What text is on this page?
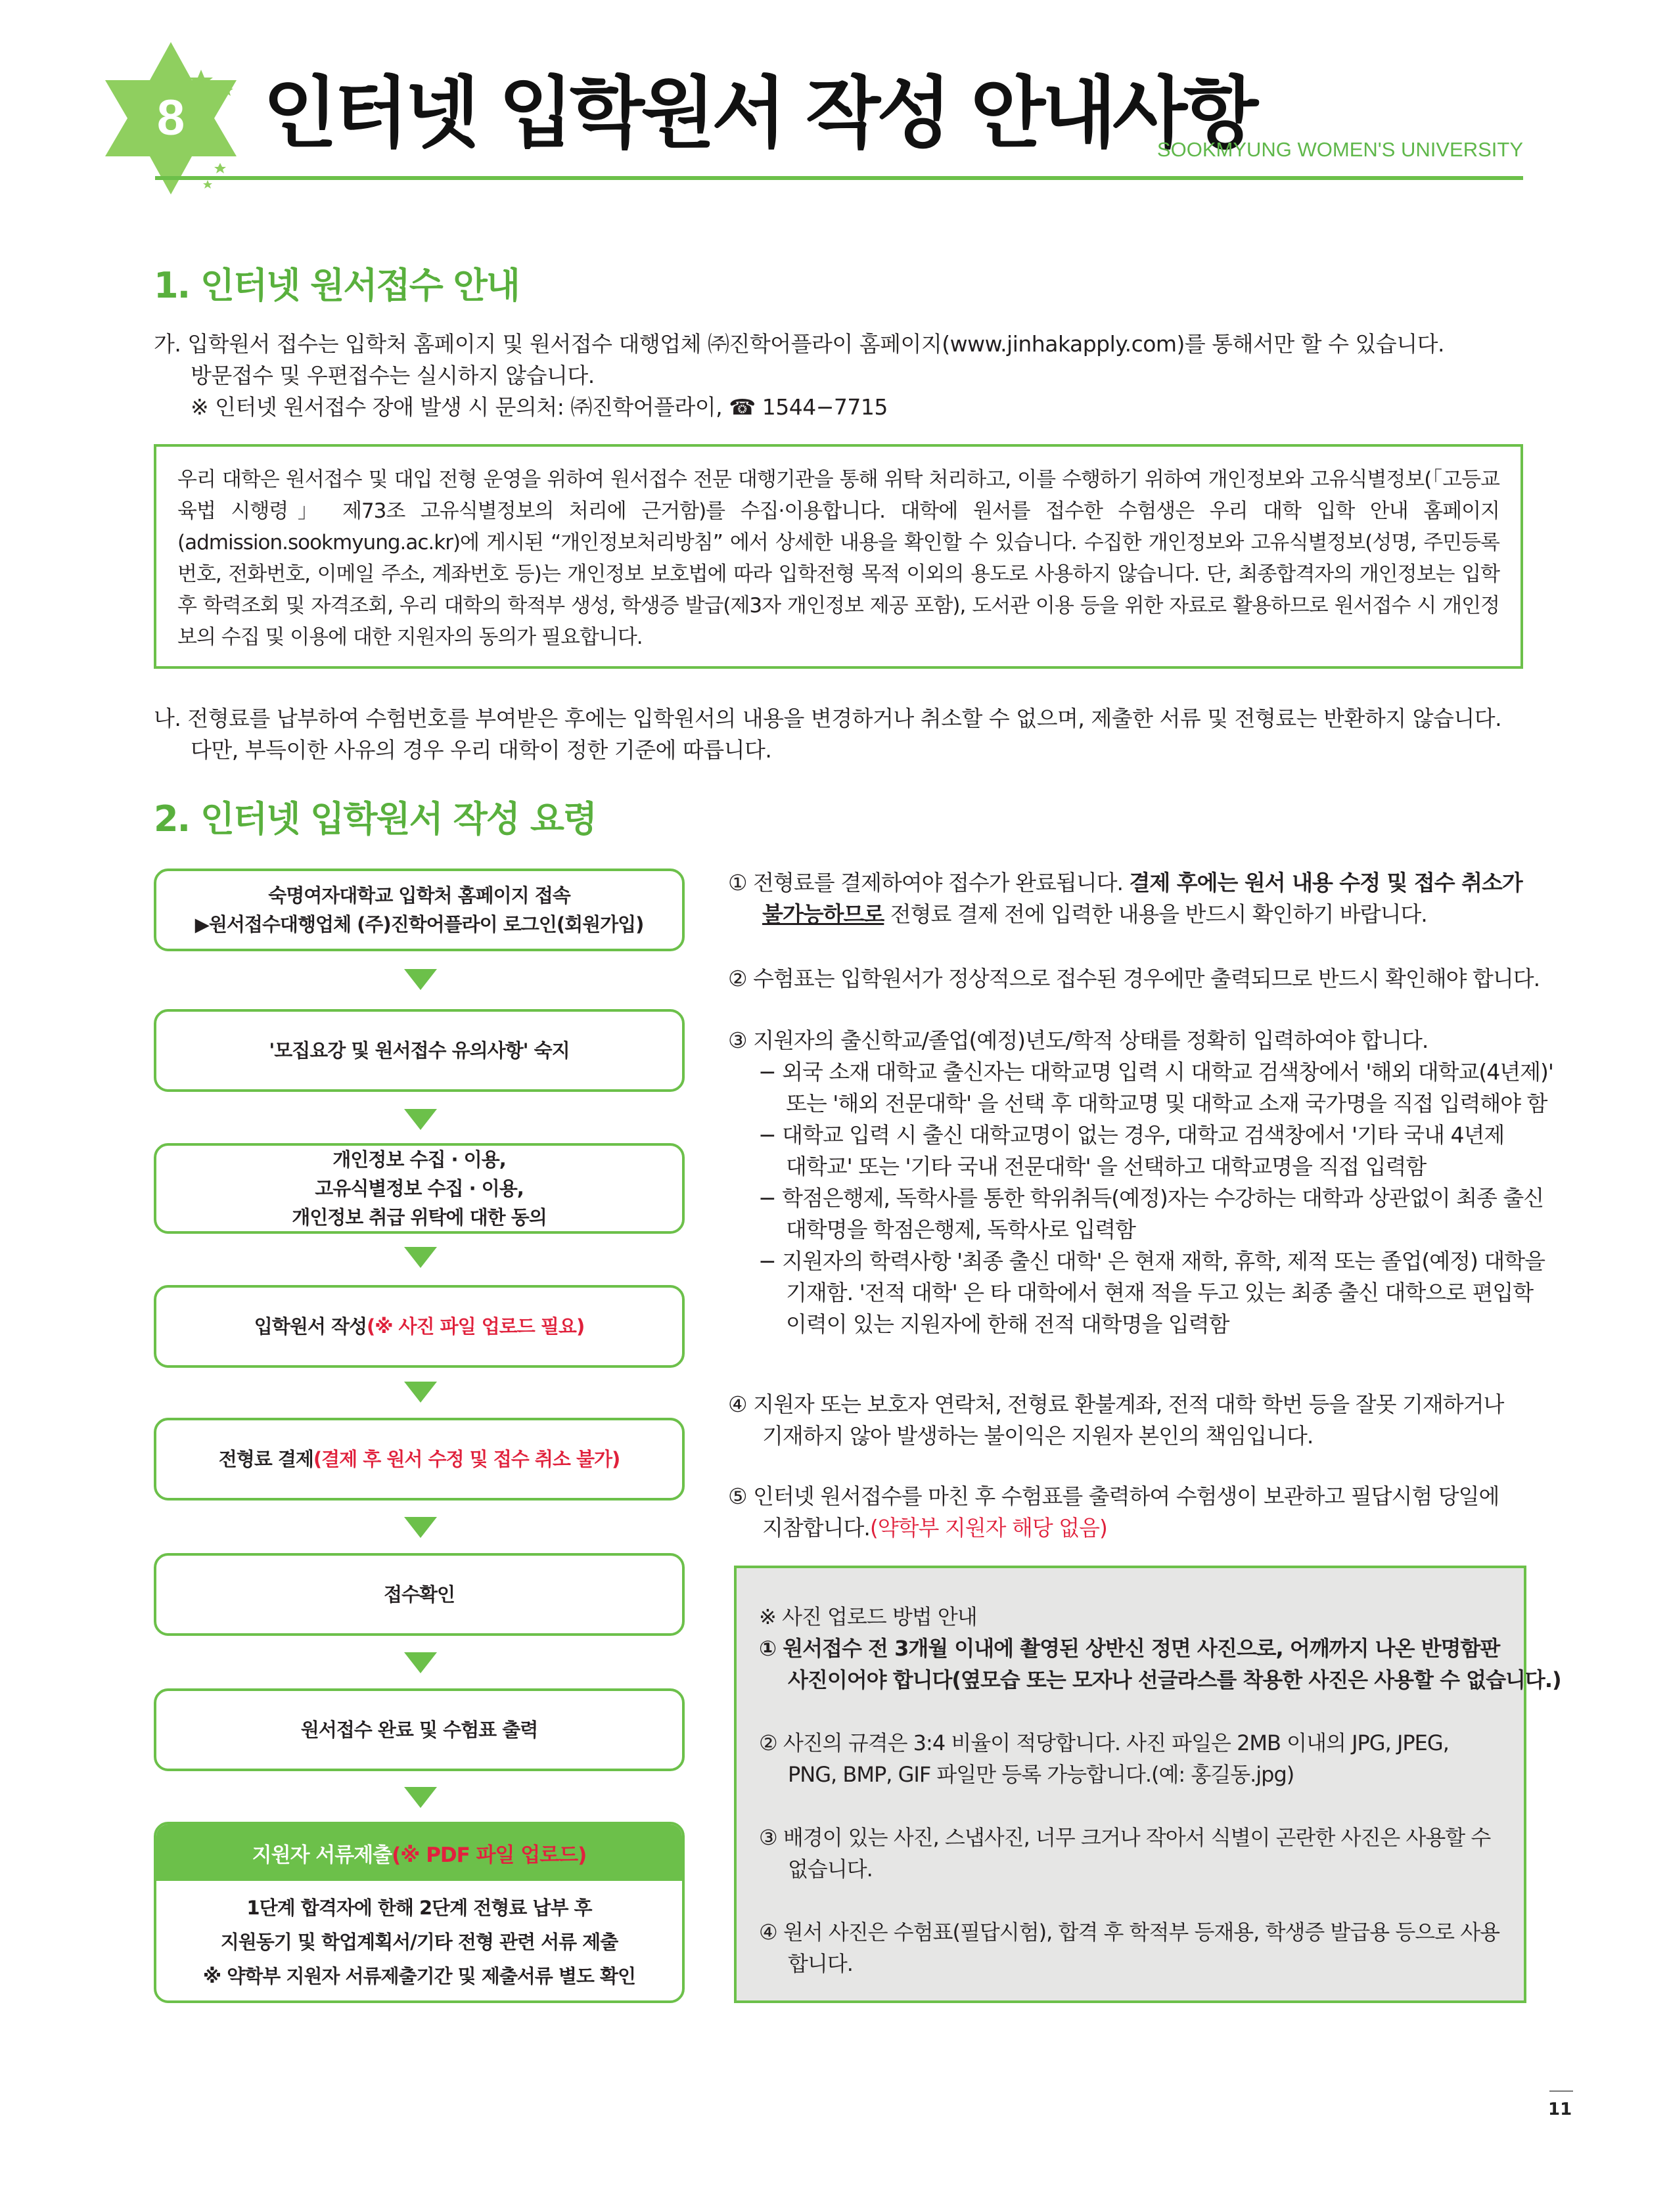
8 인터넷 입학원서 작성 안내사항
SOOKMYUNG WOMEN'S UNIVERSITY
1. 인터넷 원서접수 안내
가. 입학원서 접수는 입학처 홈페이지 및 원서접수 대행업체 ㈜진학어플라이 홈페이지(www.jinhakapply.com)를 통해서만 할 수 있습니다.
방문접수 및 우편접수는 실시하지 않습니다.
※ 인터넷 원서접수 장애 발생 시 문의처: ㈜진학어플라이, ☎ 1544−7715

우리 대학은 원서접수 및 대입 전형 운영을 위하여 원서접수 전문 대행기관을 통해 위탁 처리하고, 이를 수행하기 위하여 개인정보와 고유식별정보(「고등교육법 시행령」 제73조 고유식별정보의 처리에 근거함)를 수집·이용합니다. 대학에 원서를 접수한 수험생은 우리 대학 입학 안내 홈페이지(admission.sookmyung.ac.kr)에 게시된 “개인정보처리방침” 에서 상세한 내용을 확인할 수 있습니다. 수집한 개인정보와 고유식별정보(성명, 주민등록번호, 전화번호, 이메일 주소, 계좌번호 등)는 개인정보 보호법에 따라 입학전형 목적 이외의 용도로 사용하지 않습니다. 단, 최종합격자의 개인정보는 입학 후 학력조회 및 자격조회, 우리 대학의 학적부 생성, 학생증 발급(제3자 개인정보 제공 포함), 도서관 이용 등을 위한 자료로 활용하므로 원서접수 시 개인정보의 수집 및 이용에 대한 지원자의 동의가 필요합니다.

나. 전형료를 납부하여 수험번호를 부여받은 후에는 입학원서의 내용을 변경하거나 취소할 수 없으며, 제출한 서류 및 전형료는 반환하지 않습니다.
다만, 부득이한 사유의 경우 우리 대학이 정한 기준에 따릅니다.
2. 인터넷 입학원서 작성 요령
숙명여자대학교 입학처 홈페이지 접속
▶원서접수대행업체 (주)진학어플라이 로그인(회원가입)
'모집요강 및 원서접수 유의사항' 숙지
개인정보 수집 · 이용,
고유식별정보 수집 · 이용,
개인정보 취급 위탁에 대한 동의
입학원서 작성(※ 사진 파일 업로드 필요)
전형료 결제(결제 후 원서 수정 및 접수 취소 불가)
접수확인
원서접수 완료 및 수험표 출력
지원자 서류제출 (※ PDF 파일 업로드)
1단계 합격자에 한해 2단계 전형료 납부 후
지원동기 및 학업계획서/기타 전형 관련 서류 제출
※ 약학부 지원자 서류제출기간 및 제출서류 별도 확인
① 전형료를 결제하여야 접수가 완료됩니다. 결제 후에는 원서 내용 수정 및 접수 취소가
불가능하므로 전형료 결제 전에 입력한 내용을 반드시 확인하기 바랍니다.
② 수험표는 입학원서가 정상적으로 접수된 경우에만 출력되므로 반드시 확인해야 합니다.
③ 지원자의 출신학교/졸업(예정)년도/학적 상태를 정확히 입력하여야 합니다.
− 외국 소재 대학교 출신자는 대학교명 입력 시 대학교 검색창에서 '해외 대학교(4년제)'
또는 '해외 전문대학' 을 선택 후 대학교명 및 대학교 소재 국가명을 직접 입력해야 함
− 대학교 입력 시 출신 대학교명이 없는 경우, 대학교 검색창에서 '기타 국내 4년제
대학교' 또는 '기타 국내 전문대학' 을 선택하고 대학교명을 직접 입력함
− 학점은행제, 독학사를 통한 학위취득(예정)자는 수강하는 대학과 상관없이 최종 출신
대학명을 학점은행제, 독학사로 입력함
− 지원자의 학력사항 '최종 출신 대학' 은 현재 재학, 휴학, 제적 또는 졸업(예정) 대학을
기재함. '전적 대학' 은 타 대학에서 현재 적을 두고 있는 최종 출신 대학으로 편입학
이력이 있는 지원자에 한해 전적 대학명을 입력함
④ 지원자 또는 보호자 연락처, 전형료 환불계좌, 전적 대학 학번 등을 잘못 기재하거나
기재하지 않아 발생하는 불이익은 지원자 본인의 책임입니다.
⑤ 인터넷 원서접수를 마친 후 수험표를 출력하여 수험생이 보관하고 필답시험 당일에
지참합니다.(약학부 지원자 해당 없음)

※ 사진 업로드 방법 안내

① 원서접수 전 3개월 이내에 촬영된 상반신 정면 사진으로, 어깨까지 나온 반명함판

사진이어야 합니다(옆모습 또는 모자나 선글라스를 착용한 사진은 사용할 수 없습니다.)

② 사진의 규격은 3:4 비율이 적당합니다. 사진 파일은 2MB 이내의 JPG, JPEG,

PNG, BMP, GIF 파일만 등록 가능합니다.(예: 홍길동.jpg)

③ 배경이 있는 사진, 스냅사진, 너무 크거나 작아서 식별이 곤란한 사진은 사용할 수

없습니다.

④ 원서 사진은 수험표(필답시험), 합격 후 학적부 등재용, 학생증 발급용 등으로 사용

합니다.

11
